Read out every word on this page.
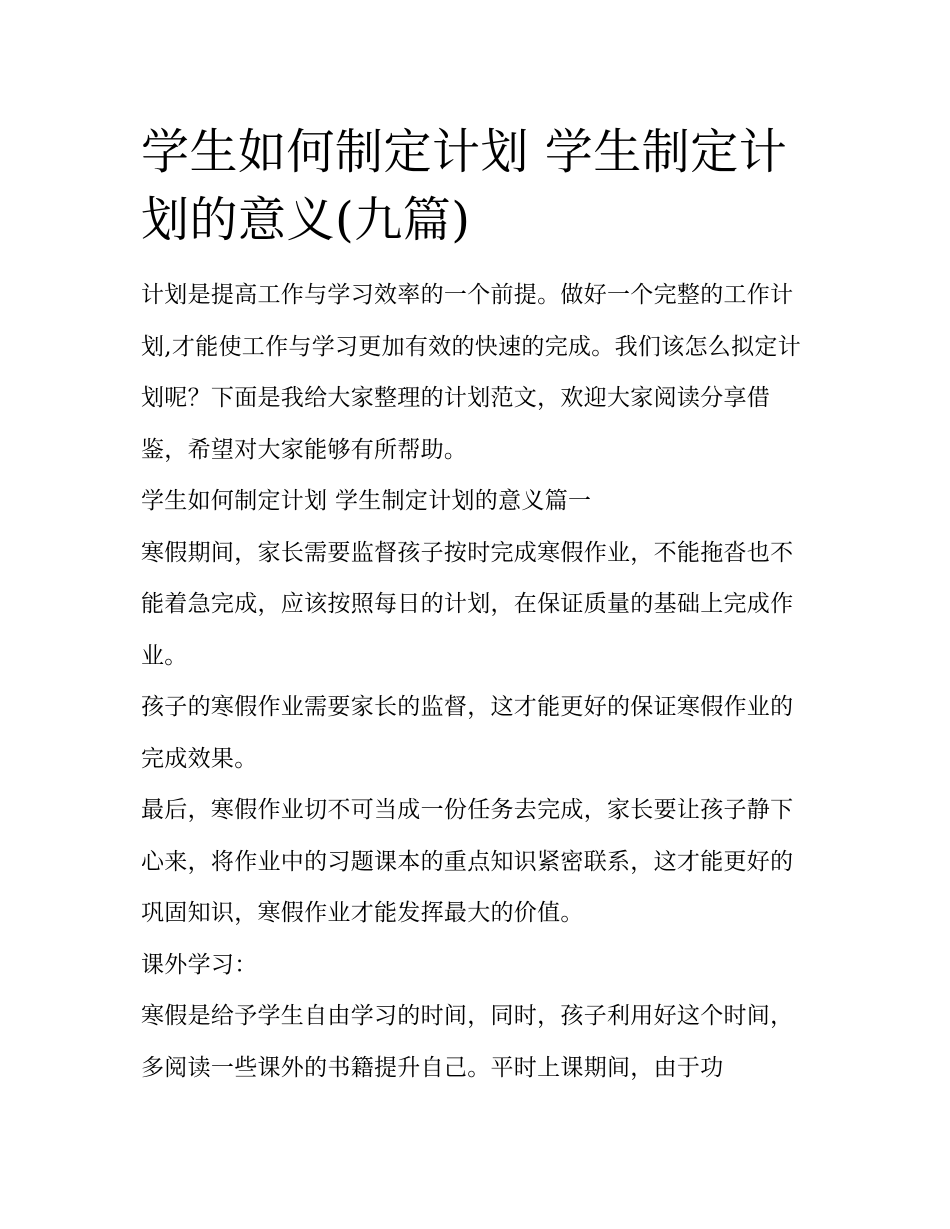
学生如何制定计划 学生制定计划的意义(九篇)

计划是提高工作与学习效率的一个前提。做好一个完整的工作计划,才能使工作与学习更加有效的快速的完成。我们该怎么拟定计划呢？下面是我给大家整理的计划范文，欢迎大家阅读分享借鉴，希望对大家能够有所帮助。

学生如何制定计划 学生制定计划的意义篇一

寒假期间，家长需要监督孩子按时完成寒假作业，不能拖沓也不能着急完成，应该按照每日的计划，在保证质量的基础上完成作业。

孩子的寒假作业需要家长的监督，这才能更好的保证寒假作业的完成效果。

最后，寒假作业切不可当成一份任务去完成，家长要让孩子静下心来，将作业中的习题课本的重点知识紧密联系，这才能更好的巩固知识，寒假作业才能发挥最大的价值。

课外学习：

寒假是给予学生自由学习的时间，同时，孩子利用好这个时间，多阅读一些课外的书籍提升自己。平时上课期间，由于功
